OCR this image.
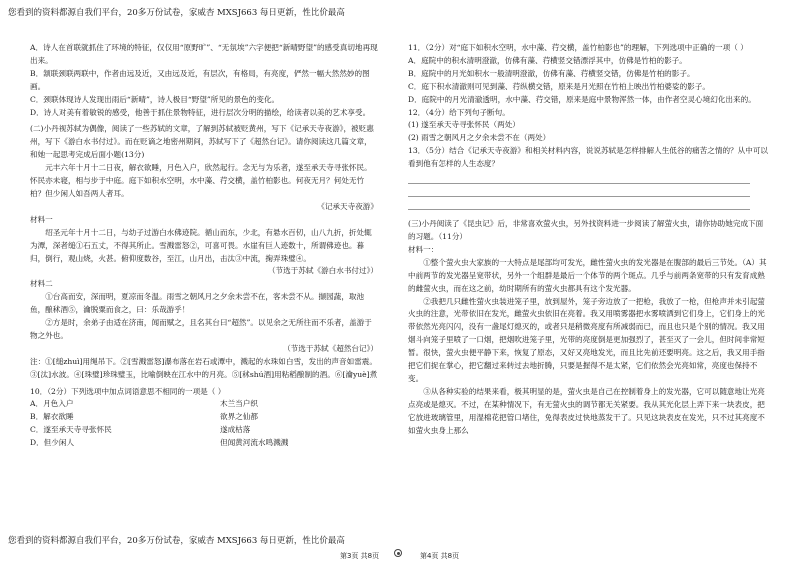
您看到的资料都源自我们平台，20多万份试卷，家威杏 MXSJ663 每日更新，性比价最高

A．诗人在首联就抓住了环境的特征，仅仅用“原野旷”、“无氛埃”六字便把“新晴野望”的感受真切地再现出来。

B．颔联颈联两联中，作者由远及近，又由远及近，有层次，有格局，有亮度，俨然一幅大然然妙的图画。

C．颈联体现诗人发现出雨后“新晴”，诗人极目“野望”所见的景色的变化。

D．诗人对美有着敏锐的感受，他善于抓住景物特征，进行层次分明的描绘，给读者以美的艺术享受。

(二)小丹视苏轼为偶像，阅读了一些苏轼的文章，了解到苏轼被贬黄州，写下《记承天寺夜游》，被贬惠州，写下《游白水书付过》。而在贬谪之地密州期间，苏轼写下了《超然台记》。请你阅读这几篇文章，和她一起思考完成后面小题(13分)

元丰六年十月十二日夜，解衣欲睡，月色入户，欣然起行。念无与为乐者，遂至承天寺寻张怀民。怀民亦未寝，相与步于中庭。庭下如积水空明，水中藻、荇交横，盖竹柏影也。何夜无月？何处无竹柏？但少闲人如吾两人者耳。

《记承天寺夜游》

材料一

绍圣元年十月十二日，与幼子过游白水佛迹院。循山而东，少北，有悬水百仞，山八九折，折处辄为潭，深者缒①石五丈，不得其所止。雪溅雷怒②，可喜可畏。水崖有巨人迹数十，所谓佛迹也。暮归，倒行，观山烧，火甚。俯仰度数谷，至江，山月出，击汰③中流，掬弄珠璧④。

（节选于苏轼《游白水书付过》）

材料二

①台高而安，深而明，夏凉而冬温。雨雪之朝风月之夕余未尝不在，客未尝不从。撷园蔬，取池鱼，酿秫酒⑤，瀹脱粟而食之，曰：乐哉游乎！

②方是时，余弟子由适在济南，闻而赋之，且名其台曰“超然”。以见余之无所往而不乐者，盖游于物之外也。

（节选于苏轼《超然台记》）

注：①[缒zhuì]用绳吊下。②[雪溅雷怒]瀑布落在岩石或潭中，溅起的水珠如白雪，发出的声音如雷震。③[汰]水波。④[珠璧]珍珠璧玉，比喻倒映在江水中的月亮。⑤[秫shú酒]用粘稻酿制的酒。⑥[瀹yuè]煮

10．（2分）下列选项中加点词语意思不相同的一项是（ ）

A．月色入户	木兰当户织
B．解衣欲睡	欲界之仙都
C．遂至承天寺寻张怀民	遂成枯落
D．但少闲人	但闻黄河流水鸣溅溅

11．（2分）对“庭下如积水空明，水中藻、荇交横，盖竹柏影也”的理解，下列选项中正确的一项（ ）

A．庭院中的积水清明澄澈，仿佛有藻、荇横竖交错漂浮其中，仿佛是竹柏的影子。

B．庭院中的月光如积水一般清明澄澈，仿佛有藻、荇横竖交错，仿佛是竹柏的影子。

C．庭下积水清澈则可见到藻、荇纵横交错，原来是月光照在竹柏上映出竹柏婆娑的影子。

D．庭院中的月光清澈透明，水中藻、荇交错，原来是庭中景物浑然一体，由作者空灵心境幻化出来的。

12．（4分）给下列句子断句。

(1) 遂至承天寺寻张怀民（两处）

(2) 雨雪之朝风月之夕余未尝不在（两处）

13．（5分）结合《记承天寺夜游》和相关材料内容，说说苏轼是怎样排解人生低谷的痛苦之情的？从中可以看到他有怎样的人生态度？

(三)小丹阅读了《昆虫记》后，非常喜欢萤火虫，另外找资料进一步阅读了解萤火虫，请你协助她完成下面的习题。（11分）

材料一：

①整个萤火虫大家族的一大特点是尾部均可发光，雌性萤火虫的发光器是在腹部的最后三节处。（A）其中前两节的发光器呈宽带状，另外一个组群是最后一个体节的两个斑点。几乎与前两条宽带的只有发育成熟的雌萤火虫，而在这之前，幼时期所有的萤火虫都具有这个发光器。

②我把几只雌性萤火虫装进笼子里，放到屋外，笼子旁边放了一把枪，我放了一枪，但枪声并未引起萤火虫的注意，光带依旧在发光，雌萤火虫依旧在亮着。我又用喷雾器把水雾喷洒到它们身上，它们身上的光带依然光亮闪闪，没有一盏尾灯熄灭的，或者只是稍微亮度有所减弱而已，而且也只是个别的情况。我又用烟斗向笼子里喷了一口烟，把烟吹进笼子里，光带的亮度倒是更加强烈了，甚至灭了一会儿，但时间非常短暂。很快，萤火虫便平静下来，恢复了原态，又好又亮地发光，而且比先前还要明亮。这之后，我又用手指把它们捉在掌心，把它翻过来转过去地折腾，只要是握得不是太紧，它们依然会光亮如常，亮度也保持不变。

③从各种实验的结果来看，极其明显的是，萤火虫是自己在控制着身上的发光器，它可以随意地让光亮点亮或是熄灭。不过，在某种情况下，有无萤火虫的调节都无关紧要。我从其光化层上弄下来一块表皮，把它放进玻璃管里，用湿棉花把管口堵住，免得表皮过快地蒸发干了。只见这块表皮在发光，只不过其亮度不如萤火虫身上那么

您看到的资料都源自我们平台，20多万份试卷，家威杏 MXSJ663 每日更新，性比价最高
第3页 共8页	第4页 共8页
